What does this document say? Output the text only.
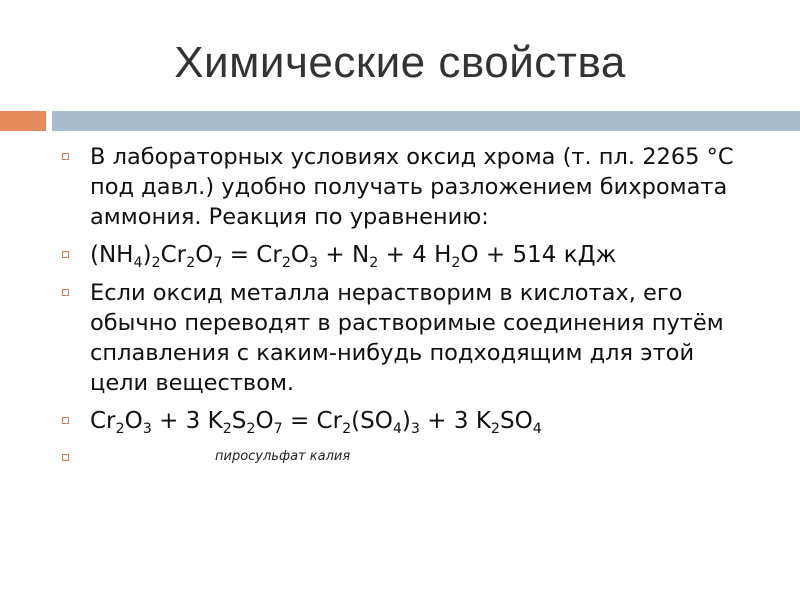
Химические свойства
В лабораторных условиях оксид хрома (т. пл. 2265 °С под давл.) удобно получать разложением бихромата аммония. Реакция по уравнению:
$(NH_4)_2Cr_2O_7 = Cr_2O_3 + N_2 + 4$ $H_2O + 514$ кДж
Если оксид металла нерастворим в кислотах, его обычно переводят в растворимые соединения путём сплавления с каким-нибудь подходящим для этой цели веществом.
$Cr_2O_3 + 3$ $K_2S_2O_7 = Cr_2(SO_4)_3 + 3$ $K_2SO_4$
пиросульфат калия
